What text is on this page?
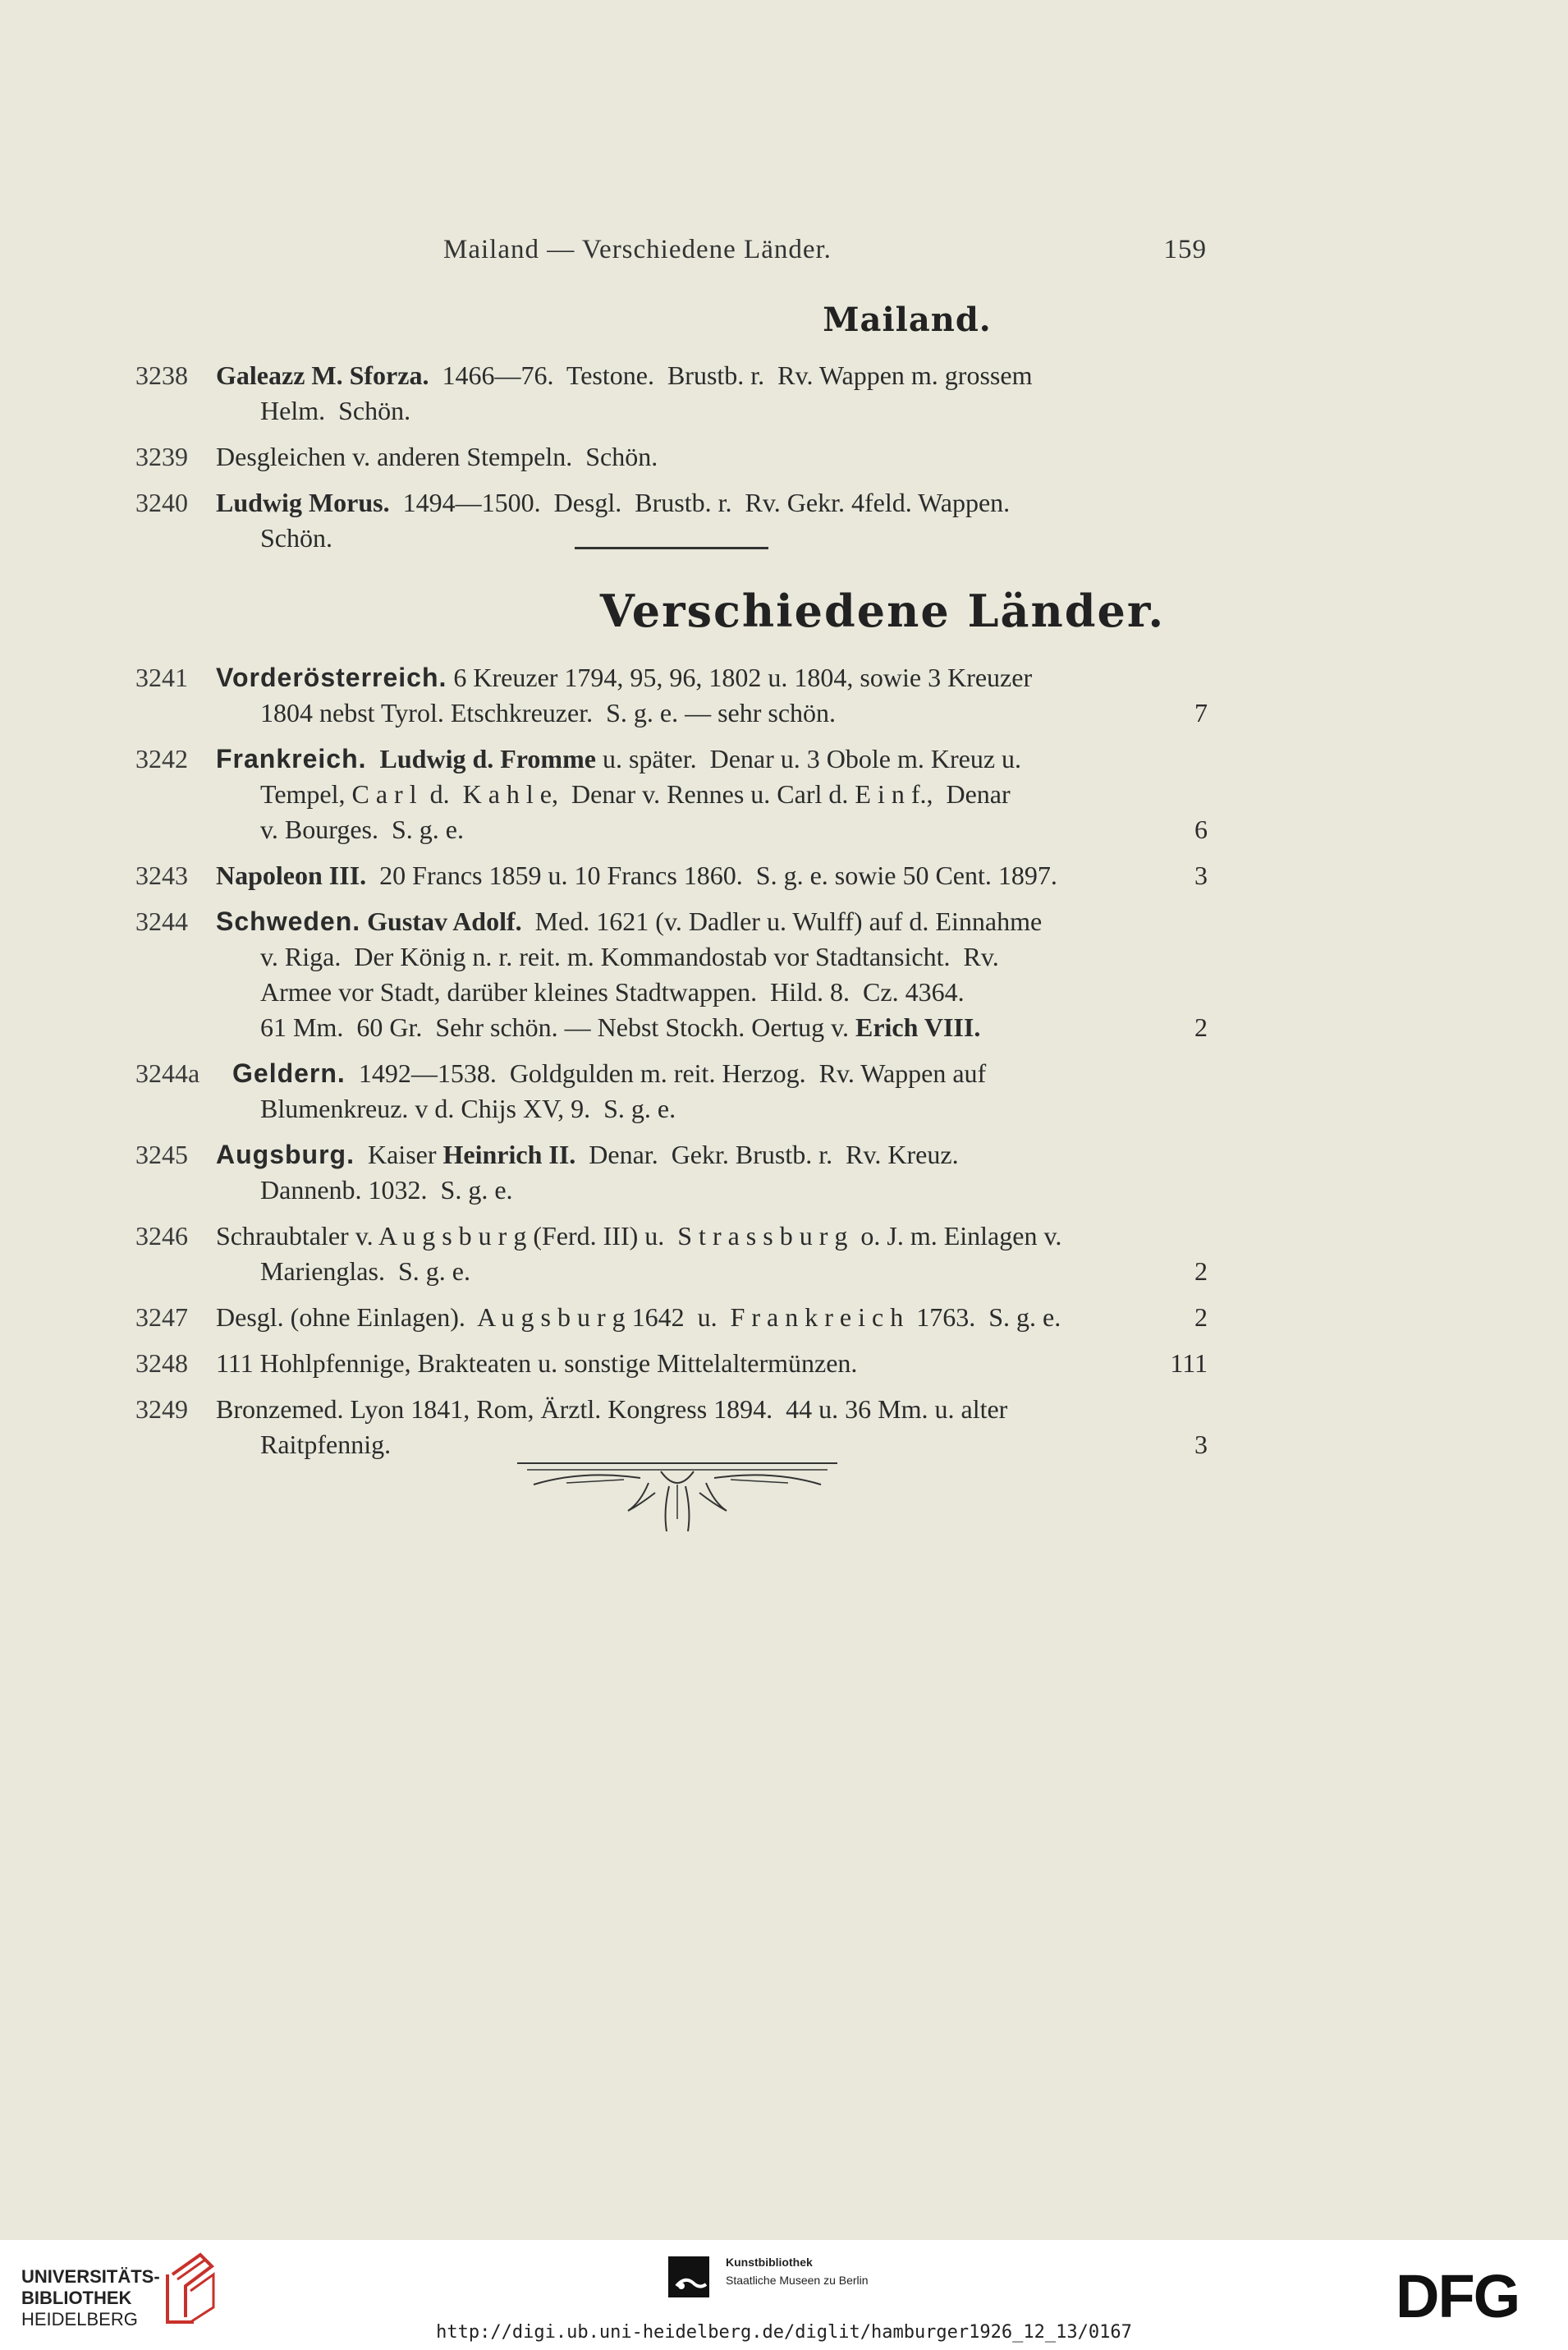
Mailand — Verschiedene Länder.	159
Mailand.
3238 Galeazz M. Sforza.  1466—76.  Testone.  Brustb. r.  Rv. Wappen m. grossem
Helm.  Schön.
3239 Desgleichen v. anderen Stempeln.  Schön.
3240 Ludwig Morus.  1494—1500.  Desgl.  Brustb. r.  Rv. Gekr. 4feld. Wappen.
Schön.
Verschiedene Länder.
3241 Vorderösterreich. 6 Kreuzer 1794, 95, 96, 1802 u. 1804, sowie 3 Kreuzer
1804 nebst Tyrol. Etschkreuzer.  S. g. e. — sehr schön.	7
3242 Frankreich. Ludwig d. Fromme u. später.  Denar u. 3 Obole m. Kreuz u.
Tempel, C a r l  d.  K a h l e,  Denar v. Rennes u. Carl d. E i n f.,  Denar
v. Bourges.  S. g. e.	6
3243 Napoleon III.  20 Francs 1859 u. 10 Francs 1860.  S. g. e. sowie 50 Cent. 1897.	3
3244 Schweden. Gustav Adolf.  Med. 1621 (v. Dadler u. Wulff) auf d. Einnahme
v. Riga.  Der König n. r. reit. m. Kommandostab vor Stadtansicht.  Rv.
Armee vor Stadt, darüber kleines Stadtwappen.  Hild. 8.  Cz. 4364.
61 Mm.  60 Gr.  Sehr schön. — Nebst Stockh. Oertug v. Erich VIII.	2
3244a Geldern.  1492—1538.  Goldgulden m. reit. Herzog.  Rv. Wappen auf
Blumenkreuz. v d. Chijs XV, 9.  S. g. e.
3245 Augsburg.  Kaiser Heinrich II.  Denar.  Gekr. Brustb. r.  Rv. Kreuz.
Dannenb. 1032.  S. g. e.
3246 Schraubtaler v. A u g s b u r g (Ferd. III) u.  S t r a s s b u r g  o. J. m. Einlagen v.
Marienglas.  S. g. e.	2
3247 Desgl. (ohne Einlagen).  A u g s b u r g 1642  u.  F r a n k r e i c h  1763.  S. g. e.	2
3248 111 Hohlpfennige, Brakteaten u. sonstige Mittelaltermünzen.	111
3249 Bronzemed. Lyon 1841, Rom, Ärztl. Kongress 1894.  44 u. 36 Mm. u. alter
Raitpfennig.	3
UNIVERSITÄTS-
BIBLIOTHEK
HEIDELBERG
Kunstbibliothek
Staatliche Museen zu Berlin	DFG
http://digi.ub.uni-heidelberg.de/diglit/hamburger1926_12_13/0167
